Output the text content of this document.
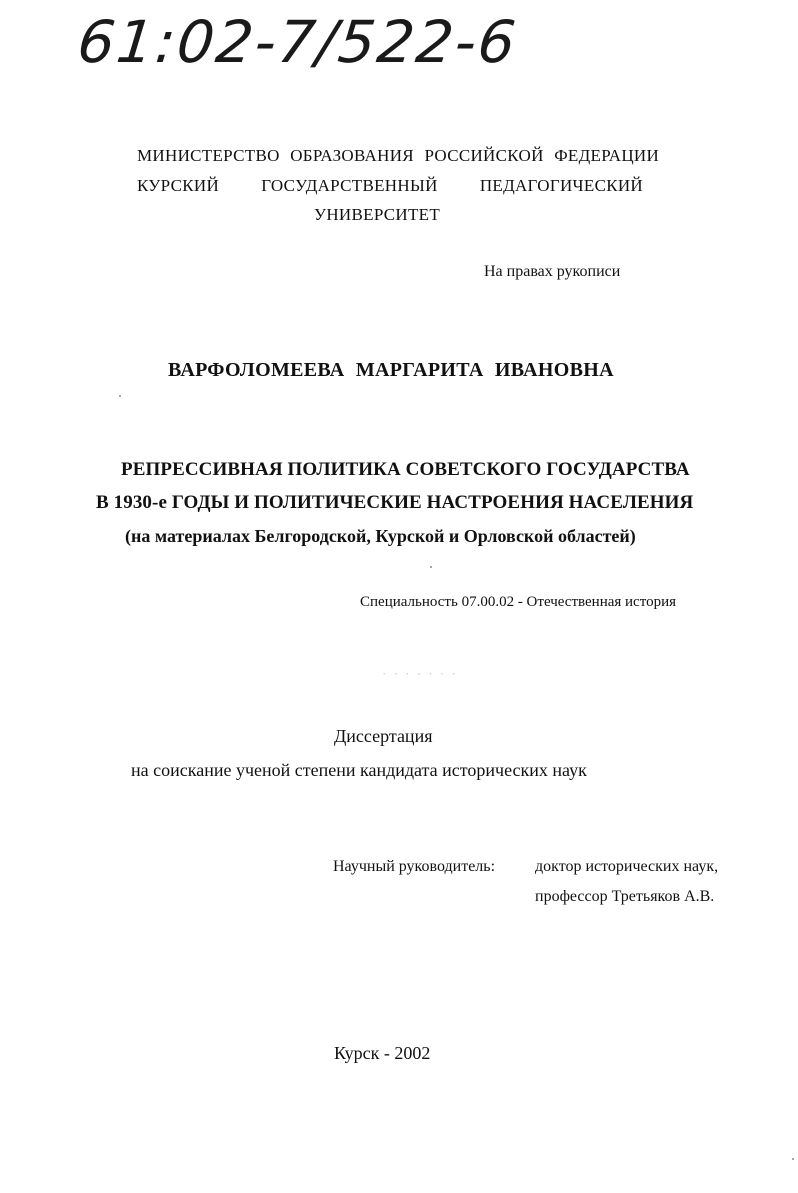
61:02-7/522-6
МИНИСТЕРСТВО ОБРАЗОВАНИЯ РОССИЙСКОЙ ФЕДЕРАЦИИ
КУРСКИЙ ГОСУДАРСТВЕННЫЙ ПЕДАГОГИЧЕСКИЙ
УНИВЕРСИТЕТ
На правах рукописи
ВАРФОЛОМЕЕВА МАРГАРИТА ИВАНОВНА
РЕПРЕССИВНАЯ ПОЛИТИКА СОВЕТСКОГО ГОСУДАРСТВА
В 1930-е ГОДЫ И ПОЛИТИЧЕСКИЕ НАСТРОЕНИЯ НАСЕЛЕНИЯ
(на материалах Белгородской, Курской и Орловской областей)
Специальность 07.00.02 - Отечественная история
· · · · · · ·
Диссертация
на соискание ученой степени кандидата исторических наук
Научный руководитель: доктор исторических наук,
профессор Третьяков А.В.
Курск - 2002
